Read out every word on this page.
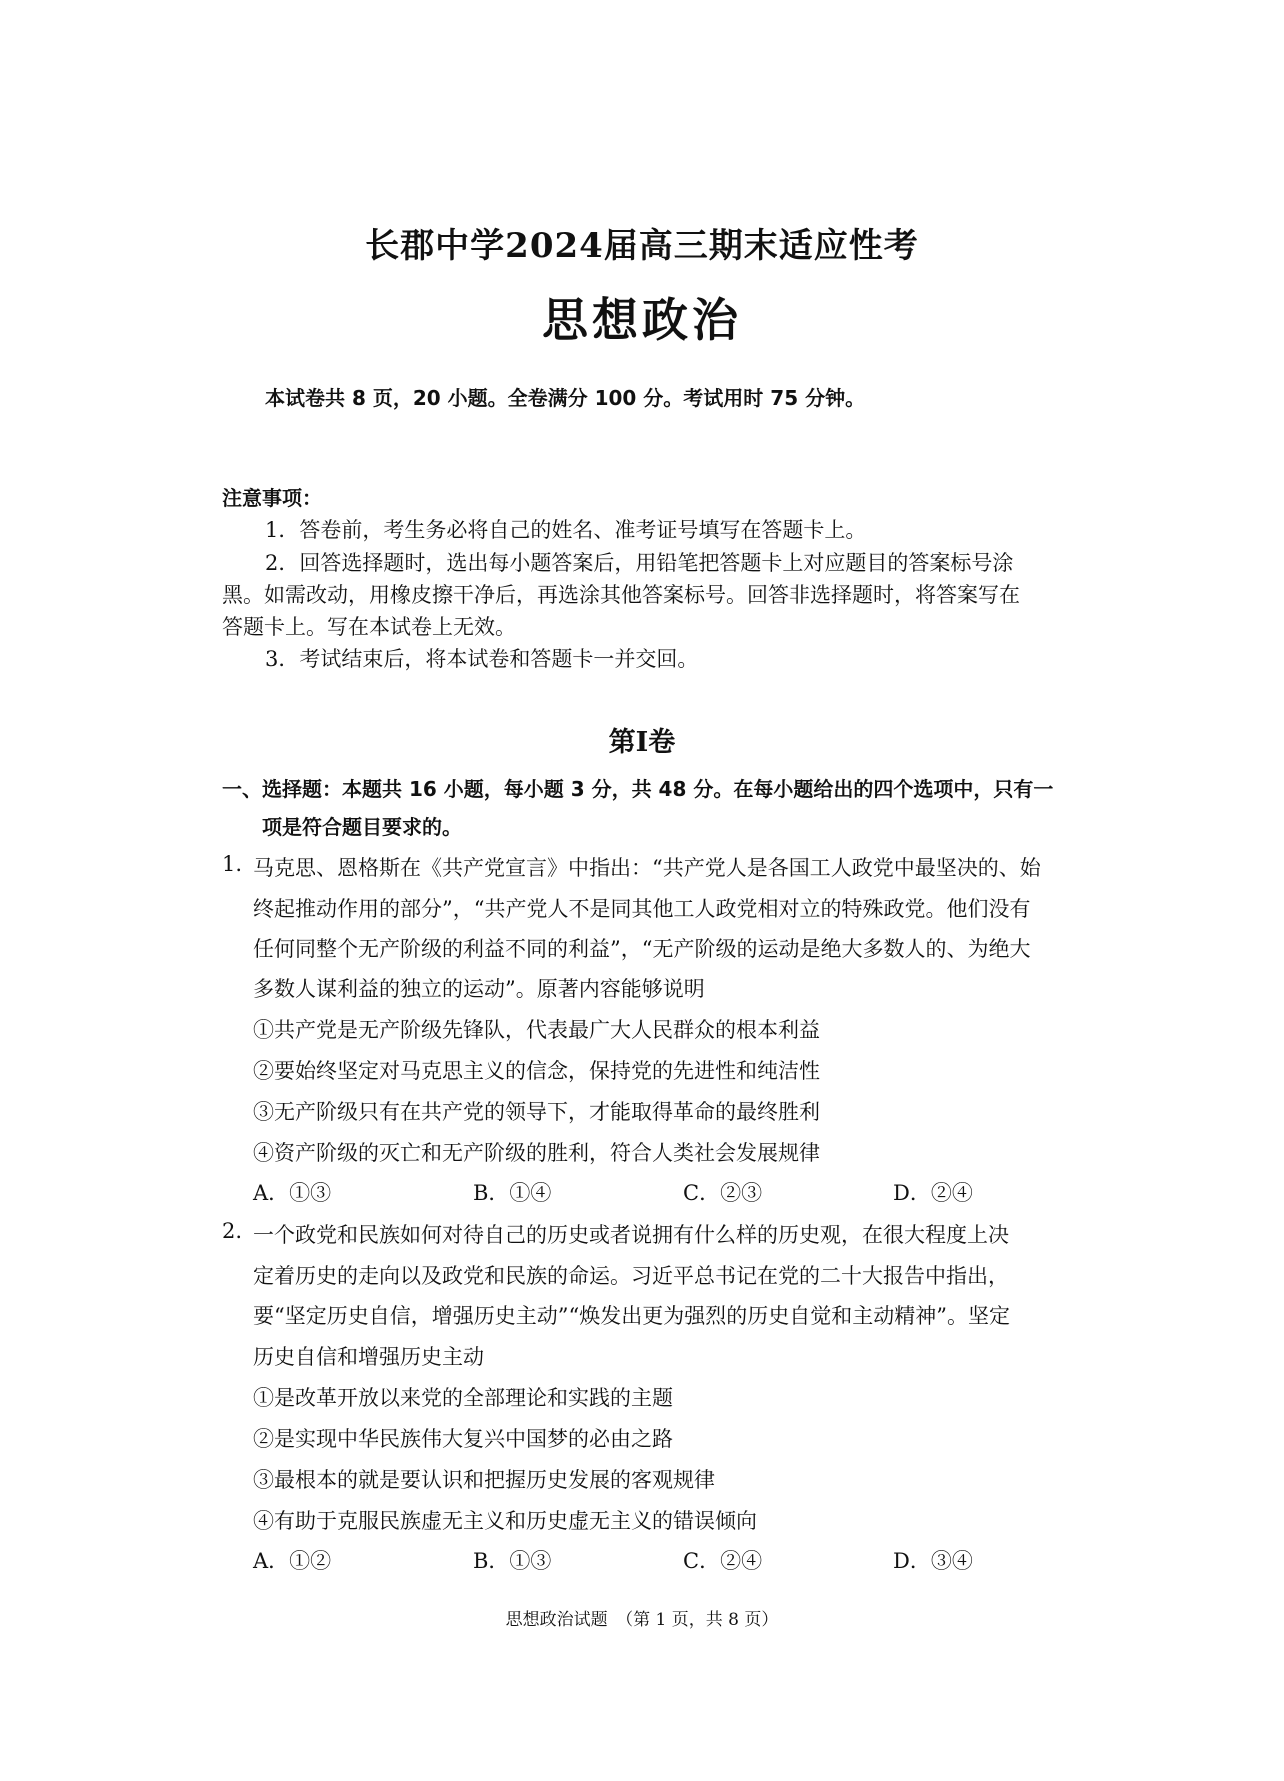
长郡中学2024届高三期末适应性考
思想政治
本试卷共 8 页，20 小题。全卷满分 100 分。考试用时 75 分钟。
注意事项：
1．答卷前，考生务必将自己的姓名、准考证号填写在答题卡上。
2．回答选择题时，选出每小题答案后，用铅笔把答题卡上对应题目的答案标号涂
黑。如需改动，用橡皮擦干净后，再选涂其他答案标号。回答非选择题时，将答案写在
答题卡上。写在本试卷上无效。
3．考试结束后，将本试卷和答题卡一并交回。
第Ⅰ卷
一、选择题：本题共 16 小题，每小题 3 分，共 48 分。在每小题给出的四个选项中，只有一
项是符合题目要求的。
1. 马克思、恩格斯在《共产党宣言》中指出：“共产党人是各国工人政党中最坚决的、始
终起推动作用的部分”，“共产党人不是同其他工人政党相对立的特殊政党。他们没有
任何同整个无产阶级的利益不同的利益”，“无产阶级的运动是绝大多数人的、为绝大
多数人谋利益的独立的运动”。原著内容能够说明
①共产党是无产阶级先锋队，代表最广大人民群众的根本利益
②要始终坚定对马克思主义的信念，保持党的先进性和纯洁性
③无产阶级只有在共产党的领导下，才能取得革命的最终胜利
④资产阶级的灭亡和无产阶级的胜利，符合人类社会发展规律
A．①③	B．①④	C．②③	D．②④
2. 一个政党和民族如何对待自己的历史或者说拥有什么样的历史观，在很大程度上决
定着历史的走向以及政党和民族的命运。习近平总书记在党的二十大报告中指出，
要“坚定历史自信，增强历史主动”“焕发出更为强烈的历史自觉和主动精神”。坚定
历史自信和增强历史主动
①是改革开放以来党的全部理论和实践的主题
②是实现中华民族伟大复兴中国梦的必由之路
③最根本的就是要认识和把握历史发展的客观规律
④有助于克服民族虚无主义和历史虚无主义的错误倾向
A．①②	B．①③	C．②④	D．③④
思想政治试题　（第 1 页，共 8 页）
